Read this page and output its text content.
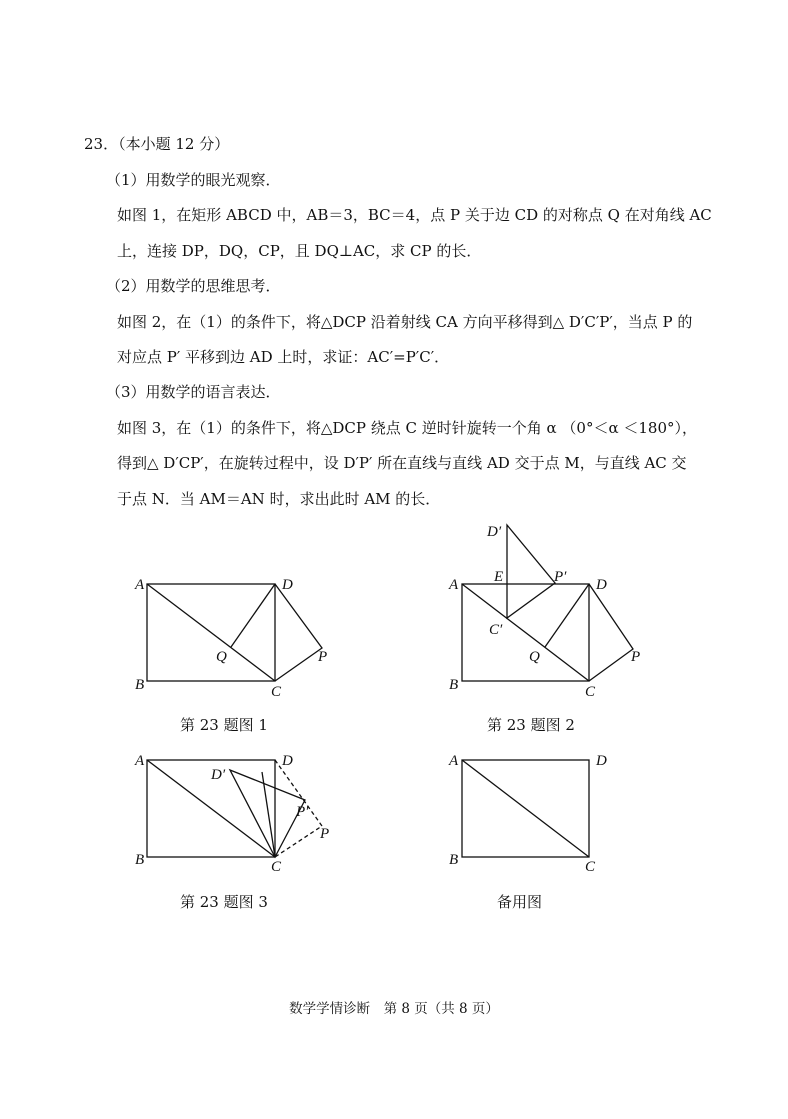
23．（本小题 12 分）
（1）用数学的眼光观察．
如图 1，在矩形 ABCD 中，AB＝3，BC＝4，点 P 关于边 CD 的对称点 Q 在对角线 AC
上，连接 DP，DQ，CP，且 DQ⊥AC，求 CP 的长．
（2）用数学的思维思考．
如图 2，在（1）的条件下，将△DCP 沿着射线 CA 方向平移得到△ D′C′P′，当点 P 的
对应点 P′ 平移到边 AD 上时，求证：AC′=P′C′．
（3）用数学的语言表达．
如图 3，在（1）的条件下，将△DCP 绕点 C 逆时针旋转一个角 α （0°＜α ＜180°），
得到△ D′CP′，在旋转过程中，设 D′P′ 所在直线与直线 AD 交于点 M，与直线 AC 交
于点 N．当 AM＝AN 时，求出此时 AM 的长．
A
B	C
D
Q	P
A
B	C
D
Q	P
E
D′
C′
P′
A
B	C
D
P
D′
P′
A
B	C
D
第 23 题图 1	第 23 题图 2
第 23 题图 3	备用图
数学学情诊断　第 8 页（共 8 页）
